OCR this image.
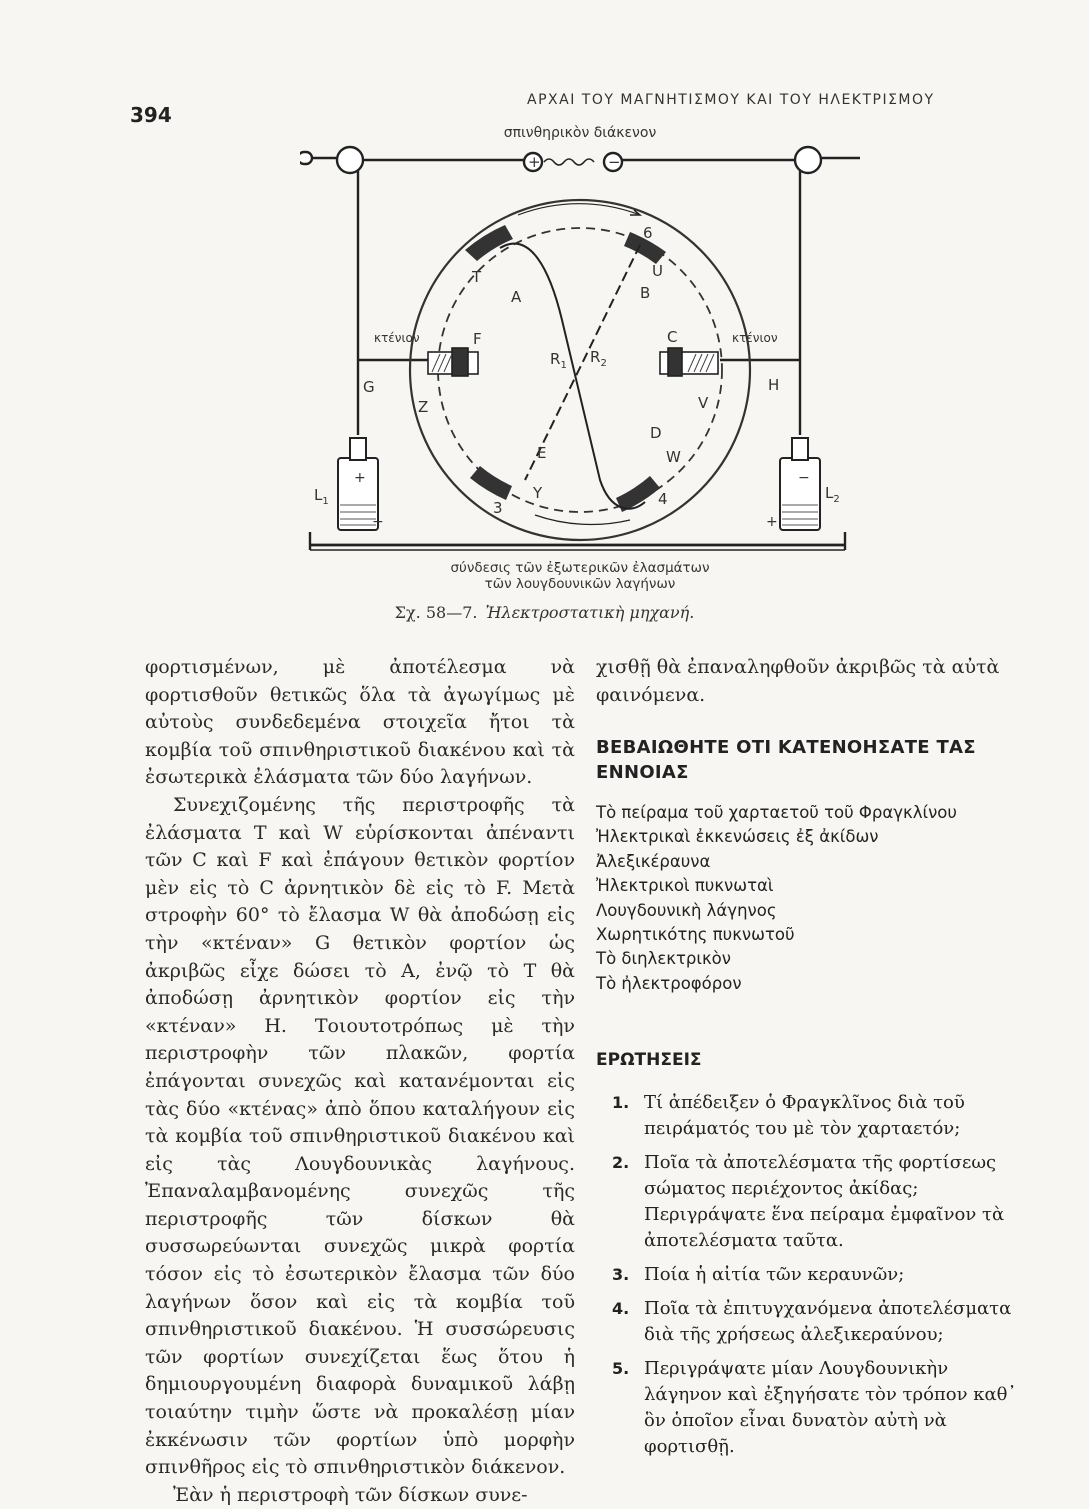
394
ΑΡΧΑΙ ΤΟΥ ΜΑΓΝΗΤΙΣΜΟΥ ΚΑΙ ΤΟΥ ΗΛΕΚΤΡΙΣΜΟΥ
σπινθηρικὸν διάκενον
κτένιον	κτένιον
σύνδεσις τῶν ἐξωτερικῶν ἐλασμάτων
τῶν λουγδουνικῶν λαγήνων
1
6
3	4
T
A
U
B
C
F
G	H
Z	V
D
W
E
Y
$R_1$ $R_2$
$L_1$	$L_2$
+	−
+
−	+
−
Σχ. 58—7. Ἠλεκτροστατικὴ μηχανή.

φορτισμένων, μὲ ἀποτέλεσμα νὰ φορτισθοῦν θετικῶς ὅλα τὰ ἀγωγίμως μὲ αὐτοὺς συνδεδεμένα στοιχεῖα ἤτοι τὰ κομβία τοῦ σπινθηριστικοῦ διακένου καὶ τὰ ἐσωτερικὰ ἐλάσματα τῶν δύο λαγήνων.

Συνεχιζομένης τῆς περιστροφῆς τὰ ἐλάσματα T καὶ W εὑρίσκονται ἀπέναντι τῶν C καὶ F καὶ ἐπάγουν θετικὸν φορτίον μὲν εἰς τὸ C ἀρνητικὸν δὲ εἰς τὸ F. Μετὰ στροφὴν 60° τὸ ἔλασμα W θὰ ἀποδώσῃ εἰς τὴν «κτέναν» G θετικὸν φορτίον ὡς ἀκριβῶς εἶχε δώσει τὸ A, ἐνῷ τὸ T θὰ ἀποδώσῃ ἀρνητικὸν φορτίον εἰς τὴν «κτέναν» H. Τοιουτοτρόπως μὲ τὴν περιστροφὴν τῶν πλακῶν, φορτία ἐπάγονται συνεχῶς καὶ κατανέμονται εἰς τὰς δύο «κτένας» ἀπὸ ὅπου καταλήγουν εἰς τὰ κομβία τοῦ σπινθηριστικοῦ διακένου καὶ εἰς τὰς Λουγδουνικὰς λαγήνους. Ἐπαναλαμβανομένης συνεχῶς τῆς περιστροφῆς τῶν δίσκων θὰ συσσωρεύωνται συνεχῶς μικρὰ φορτία τόσον εἰς τὸ ἐσωτερικὸν ἔλασμα τῶν δύο λαγήνων ὅσον καὶ εἰς τὰ κομβία τοῦ σπινθηριστικοῦ διακένου. Ἡ συσσώρευσις τῶν φορτίων συνεχίζεται ἕως ὅτου ἡ δημιουργουμένη διαφορὰ δυναμικοῦ λάβῃ τοιαύτην τιμὴν ὥστε νὰ προκαλέσῃ μίαν ἐκκένωσιν τῶν φορτίων ὑπὸ μορφὴν σπινθῆρος εἰς τὸ σπινθηριστικὸν διάκενον.

Ἐὰν ἡ περιστροφὴ τῶν δίσκων συνε-

χισθῇ θὰ ἐπαναληφθοῦν ἀκριβῶς τὰ αὐτὰ φαινόμενα.

ΒΕΒΑΙΩΘΗΤΕ ΟΤΙ ΚΑΤΕΝΟΗΣΑΤΕ ΤΑΣ ΕΝΝΟΙΑΣ
Τὸ πείραμα τοῦ χαρταετοῦ τοῦ Φραγκλίνου
Ἠλεκτρικαὶ ἐκκενώσεις ἐξ ἀκίδων
Ἀλεξικέραυνα
Ἠλεκτρικοὶ πυκνωταὶ
Λουγδουνικὴ λάγηνος
Χωρητικότης πυκνωτοῦ
Τὸ διηλεκτρικὸν
Τὸ ἠλεκτροφόρον
ΕΡΩΤΗΣΕΙΣ
1. Τί ἀπέδειξεν ὁ Φραγκλῖνος διὰ τοῦ πειράματός του μὲ τὸν χαρταετόν;
2. Ποῖα τὰ ἀποτελέσματα τῆς φορτίσεως σώματος περιέχοντος ἀκίδας; Περιγράψατε ἕνα πείραμα ἐμφαῖνον τὰ ἀποτελέσματα ταῦτα.
3. Ποία ἡ αἰτία τῶν κεραυνῶν;
4. Ποῖα τὰ ἐπιτυγχανόμενα ἀποτελέσματα διὰ τῆς χρήσεως ἀλεξικεραύνου;
5. Περιγράψατε μίαν Λουγδουνικὴν λάγηνον καὶ ἐξηγήσατε τὸν τρόπον καθ᾽ ὃν ὁποῖον εἶναι δυνατὸν αὐτὴ νὰ φορτισθῇ.
